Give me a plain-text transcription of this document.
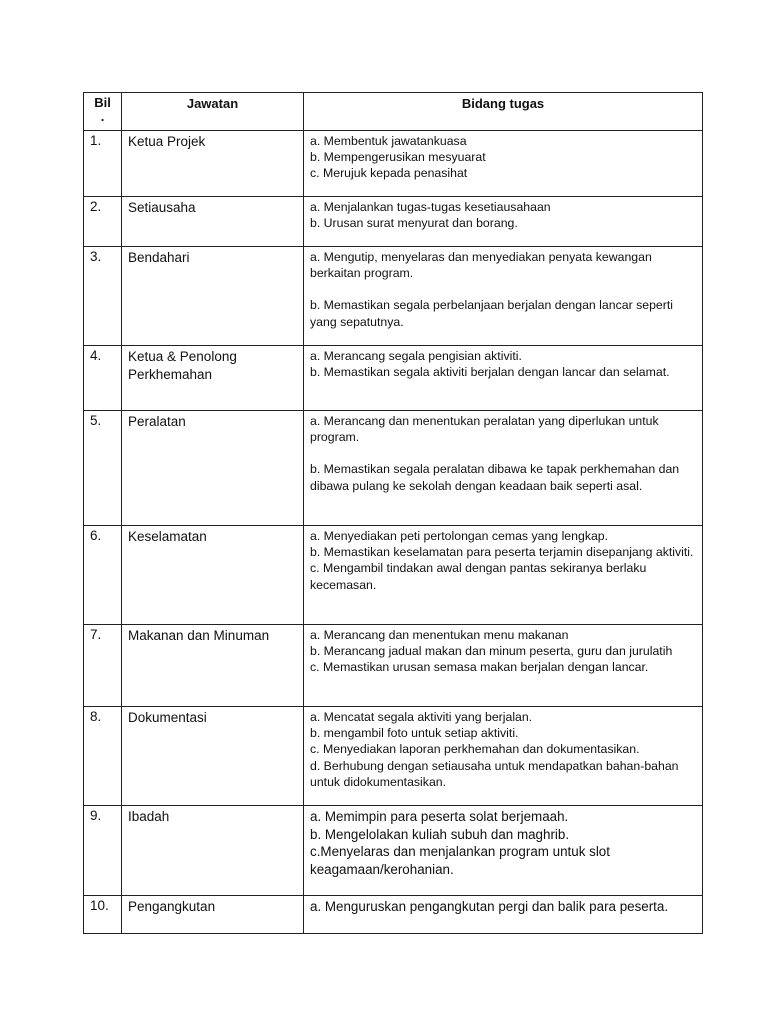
Bil
.	Jawatan	Bidang tugas

1.	Ketua Projek	a. Membentuk jawatankuasa
b. Mempengerusikan mesyuarat
c. Merujuk kepada penasihat

2.	Setiausaha	a. Menjalankan tugas-tugas kesetiausahaan
b. Urusan surat menyurat dan borang.

3.	Bendahari	a. Mengutip, menyelaras dan menyediakan penyata kewangan berkaitan program.
b. Memastikan segala perbelanjaan berjalan dengan lancar seperti yang sepatutnya.

4.	Ketua & Penolong Perkhemahan	a. Merancang segala pengisian aktiviti.
b. Memastikan segala aktiviti berjalan dengan lancar dan selamat.

5.	Peralatan	a. Merancang dan menentukan peralatan yang diperlukan untuk program.
b. Memastikan segala peralatan dibawa ke tapak perkhemahan dan dibawa pulang ke sekolah dengan keadaan baik seperti asal.

6.	Keselamatan	a. Menyediakan peti pertolongan cemas yang lengkap.
b. Memastikan keselamatan para peserta terjamin disepanjang aktiviti.
c. Mengambil tindakan awal dengan pantas sekiranya berlaku kecemasan.

7.	Makanan dan Minuman	a. Merancang dan menentukan menu makanan
b. Merancang jadual makan dan minum peserta, guru dan jurulatih
c. Memastikan urusan semasa makan berjalan dengan lancar.

8.	Dokumentasi	a. Mencatat segala aktiviti yang berjalan.
b. mengambil foto untuk setiap aktiviti.
c. Menyediakan laporan perkhemahan dan dokumentasikan.
d. Berhubung dengan setiausaha untuk mendapatkan bahan-bahan untuk didokumentasikan.

9.	Ibadah	a. Memimpin para peserta solat berjemaah.
b. Mengelolakan kuliah subuh dan maghrib.
c.Menyelaras dan menjalankan program untuk slot keagamaan/kerohanian.

10.	Pengangkutan	a. Menguruskan pengangkutan pergi dan balik para peserta.
